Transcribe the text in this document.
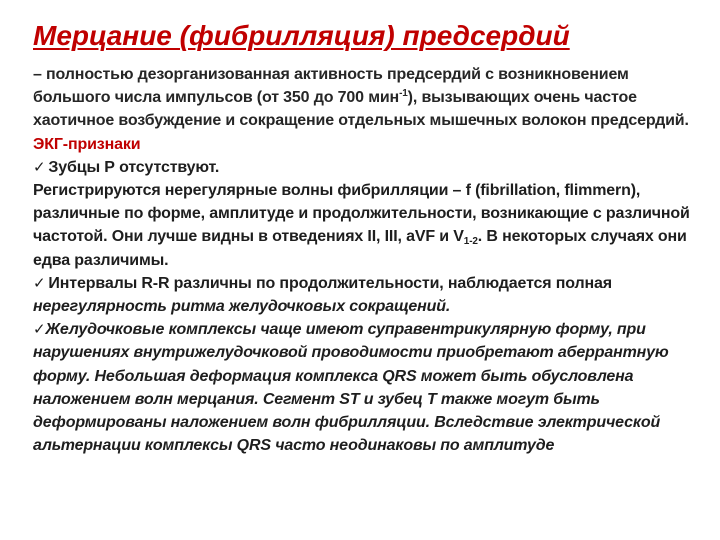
Мерцание (фибрилляция) предсердий

– полностью дезорганизованная активность предсердий с возникновением большого числа импульсов (от 350 до 700 мин$^{-1}$), вызывающих очень частое хаотичное возбуждение и сокращение отдельных мышечных волокон предсердий.

ЭКГ-признаки

✓ Зубцы Р отсутствуют.

Регистрируются нерегулярные волны фибрилляции – f (fibrillation, flimmern), различные по форме, амплитуде и продолжительности, возникающие с различной частотой. Они лучше видны в отведениях II, III, aVF и $V_{1-2}$. В некоторых случаях они едва различимы.

✓ Интервалы R-R различны по продолжительности, наблюдается полная нерегулярность ритма желудочковых сокращений.

✓Желудочковые комплексы чаще имеют суправентрикулярную форму, при нарушениях внутрижелудочковой проводимости приобретают аберрантную форму. Небольшая деформация комплекса QRS может быть обусловлена наложением волн мерцания. Сегмент ST и зубец Т также могут быть деформированы наложением волн фибрилляции. Вследствие электрической альтернации комплексы QRS часто неодинаковы по амплитуде
